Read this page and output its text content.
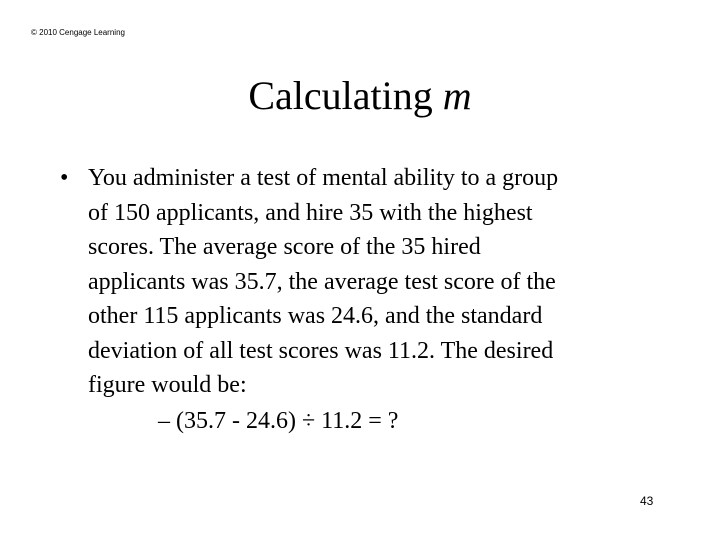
© 2010 Cengage Learning
Calculating m
• You administer a test of mental ability to a group
of 150 applicants, and hire 35 with the highest
scores. The average score of the 35 hired
applicants was 35.7, the average test score of the
other 115 applicants was 24.6, and the standard
deviation of all test scores was 11.2. The desired
figure would be:
– (35.7 - 24.6) ÷ 11.2 = ?
43
